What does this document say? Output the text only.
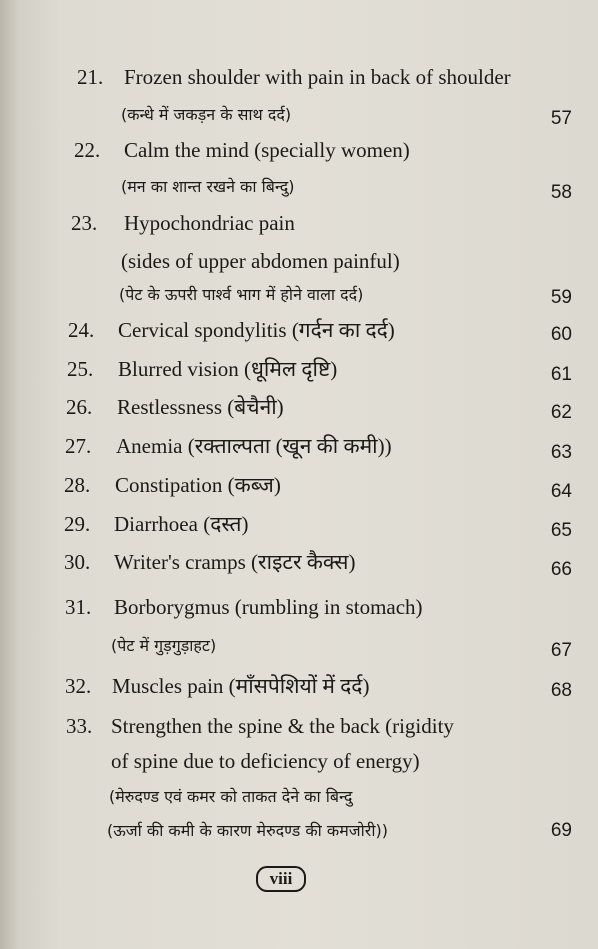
21. Frozen shoulder with pain in back of shoulder
(कन्धे में जकड़न के साथ दर्द)	57
22. Calm the mind (specially women)
(मन का शान्त रखने का बिन्दु)	58
23. Hypochondriac pain
(sides of upper abdomen painful)
(पेट के ऊपरी पार्श्व भाग में होने वाला दर्द)	59
24. Cervical spondylitis (गर्दन का दर्द)	60
25. Blurred vision (धूमिल दृष्टि)	61
26. Restlessness (बेचैनी)	62
27. Anemia (रक्ताल्पता (खून की कमी))	63
28. Constipation (कब्ज)	64
29. Diarrhoea (दस्त)	65
30. Writer's cramps (राइटर कैक्स)	66
31. Borborygmus (rumbling in stomach)
(पेट में गुड़गुड़ाहट)	67
32. Muscles pain (माँसपेशियों में दर्द)	68
33. Strengthen the spine & the back (rigidity
of spine due to deficiency of energy)
(मेरुदण्ड एवं कमर को ताकत देने का बिन्दु
(ऊर्जा की कमी के कारण मेरुदण्ड की कमजोरी))	69
viii
